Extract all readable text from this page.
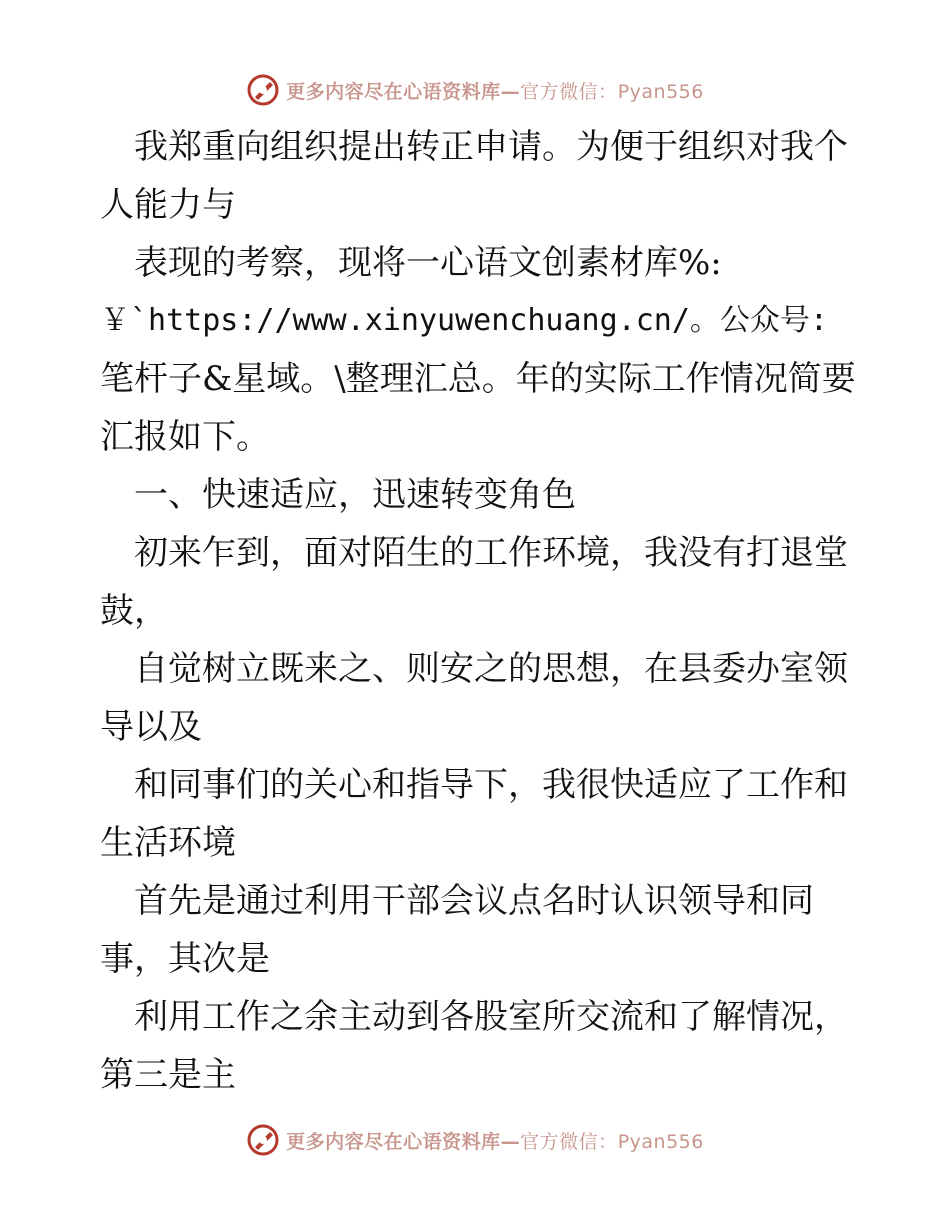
更多内容尽在心语资料库—官方微信：Pyan556

我郑重向组织提出转正申请。为便于组织对我个

人能力与

表现的考察，现将一心语文创素材库%:

￥`https://www.xinyuwenchuang.cn/。公众号:

笔杆子&星域。\整理汇总。年的实际工作情况简要

汇报如下。

一、快速适应，迅速转变角色

初来乍到，面对陌生的工作环境，我没有打退堂

鼓，

自觉树立既来之、则安之的思想，在县委办室领

导以及

和同事们的关心和指导下，我很快适应了工作和

生活环境

首先是通过利用干部会议点名时认识领导和同

事，其次是

利用工作之余主动到各股室所交流和了解情况，

第三是主

更多内容尽在心语资料库—官方微信：Pyan556
